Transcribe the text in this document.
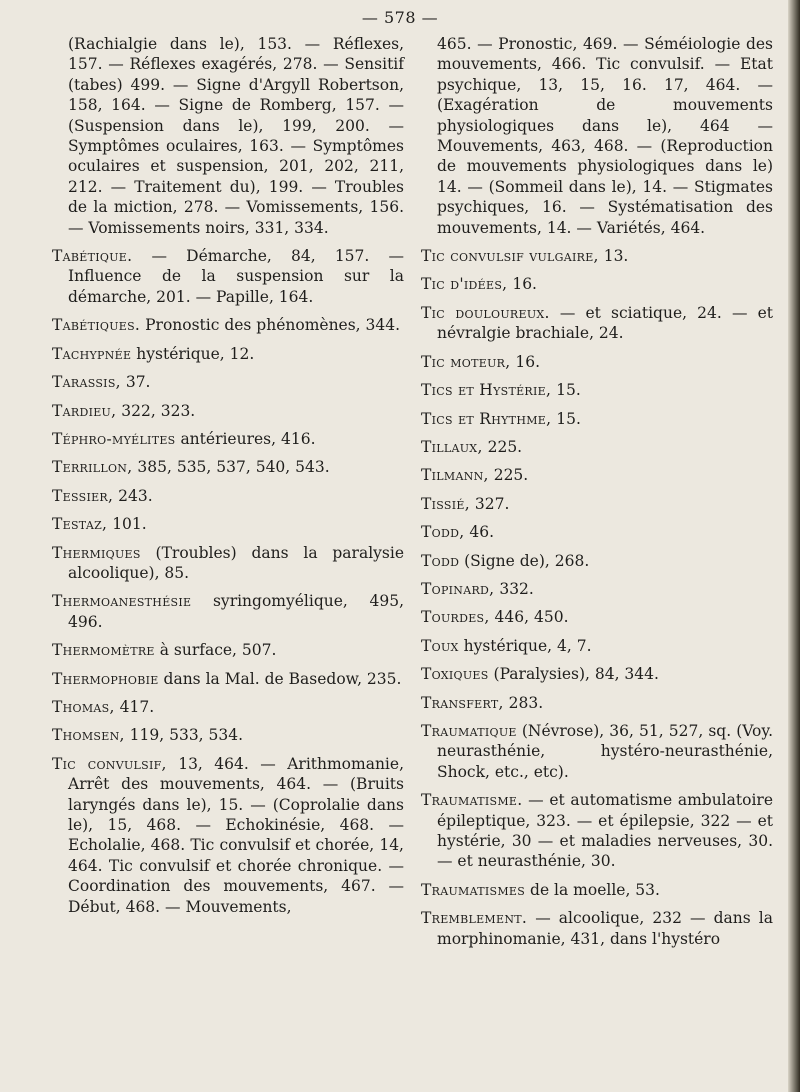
— 578 —

(Rachialgie dans le), 153. — Réflexes, 157. — Réflexes exagérés, 278. — Sensitif (tabes) 499. — Signe d'Argyll Robertson, 158, 164. — Signe de Romberg, 157. — (Suspension dans le), 199, 200. — Symptômes oculaires, 163. — Symptômes oculaires et suspension, 201, 202, 211, 212. — Traitement du), 199. — Troubles de la miction, 278. — Vomissements, 156. — Vomissements noirs, 331, 334.

Tabétique. — Démarche, 84, 157. —Influence de la suspension sur la démarche, 201. — Papille, 164.

Tabétiques. Pronostic des phénomènes, 344.

Tachypnée hystérique, 12.

Tarassis, 37.

Tardieu, 322, 323.

Téphro-myélites antérieures, 416.

Terrillon, 385, 535, 537, 540, 543.

Tessier, 243.

Testaz, 101.

Thermiques (Troubles) dans la paralysie alcoolique), 85.

Thermoanesthésie syringomyélique, 495, 496.

Thermomètre à surface, 507.

Thermophobie dans la Mal. de Basedow, 235.

Thomas, 417.

Thomsen, 119, 533, 534.

Tic convulsif, 13, 464. — Arithmomanie, Arrêt des mouvements, 464. — (Bruits laryngés dans le), 15. — (Coprolalie dans le), 15, 468. — Echokinésie, 468. — Echolalie, 468. Tic convulsif et chorée, 14, 464. Tic convulsif et chorée chronique. — Coordination des mouvements, 467. — Début, 468. — Mouvements,

465. — Pronostic, 469. — Séméiologie des mouvements, 466. Tic convulsif. — Etat psychique, 13, 15, 16. 17, 464. — (Exagération de mouvements physiologiques dans le), 464 — Mouvements, 463, 468. — (Reproduction de mouvements physiologiques dans le) 14. — (Sommeil dans le), 14. — Stigmates psychiques, 16. — Systématisation des mouvements, 14. — Variétés, 464.

Tic convulsif vulgaire, 13.

Tic d'idées, 16.

Tic douloureux. — et sciatique, 24. — et névralgie brachiale, 24.

Tic moteur, 16.

Tics et Hystérie, 15.

Tics et Rhythme, 15.

Tillaux, 225.

Tilmann, 225.

Tissié, 327.

Todd, 46.

Todd (Signe de), 268.

Topinard, 332.

Tourdes, 446, 450.

Toux hystérique, 4, 7.

Toxiques (Paralysies), 84, 344.

Transfert, 283.

Traumatique (Névrose), 36, 51, 527, sq. (Voy. neurasthénie, hystéro-neurasthénie, Shock, etc., etc).

Traumatisme. — et automatisme ambulatoire épileptique, 323. — et épilepsie, 322 — et hystérie, 30 — et maladies nerveuses, 30. — et neurasthénie, 30.

Traumatismes de la moelle, 53.

Tremblement. — alcoolique, 232 — dans la morphinomanie, 431, dans l'hystéro
